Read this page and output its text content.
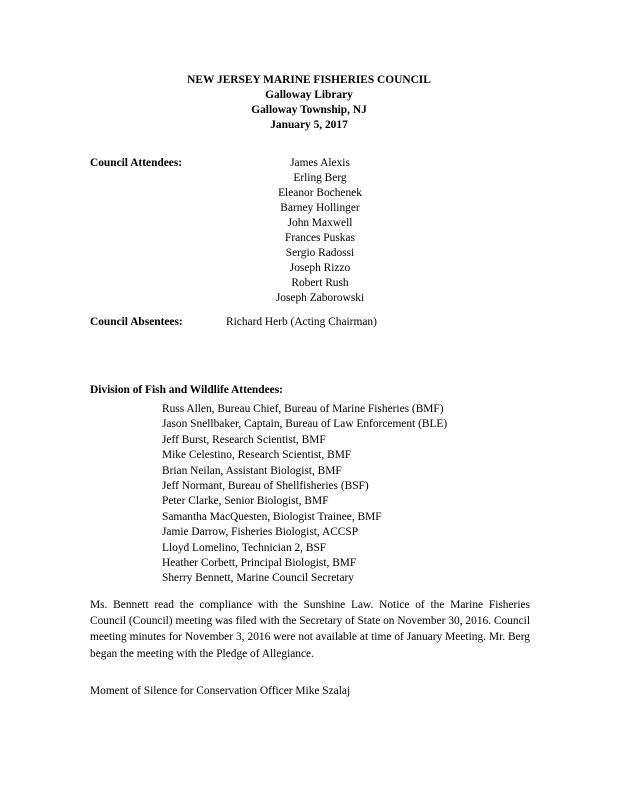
NEW JERSEY MARINE FISHERIES COUNCIL
Galloway Library
Galloway Township, NJ
January 5, 2017
Council Attendees:	James Alexis
Erling Berg
Eleanor Bochenek
Barney Hollinger
John Maxwell
Frances Puskas
Sergio Radossi
Joseph Rizzo
Robert Rush
Joseph Zaborowski
Council Absentees:	Richard Herb (Acting Chairman)
Division of Fish and Wildlife Attendees:
Russ Allen, Bureau Chief, Bureau of Marine Fisheries (BMF)
Jason Snellbaker, Captain, Bureau of Law Enforcement (BLE)
Jeff Burst, Research Scientist, BMF
Mike Celestino, Research Scientist, BMF
Brian Neilan, Assistant Biologist, BMF
Jeff Normant, Bureau of Shellfisheries (BSF)
Peter Clarke, Senior Biologist, BMF
Samantha MacQuesten, Biologist Trainee, BMF
Jamie Darrow, Fisheries Biologist, ACCSP
Lloyd Lomelino, Technician 2, BSF
Heather Corbett, Principal Biologist, BMF
Sherry Bennett, Marine Council Secretary
Ms. Bennett read the compliance with the Sunshine Law. Notice of the Marine Fisheries Council (Council) meeting was filed with the Secretary of State on November 30, 2016. Council meeting minutes for November 3, 2016 were not available at time of January Meeting. Mr. Berg began the meeting with the Pledge of Allegiance.
Moment of Silence for Conservation Officer Mike Szalaj
